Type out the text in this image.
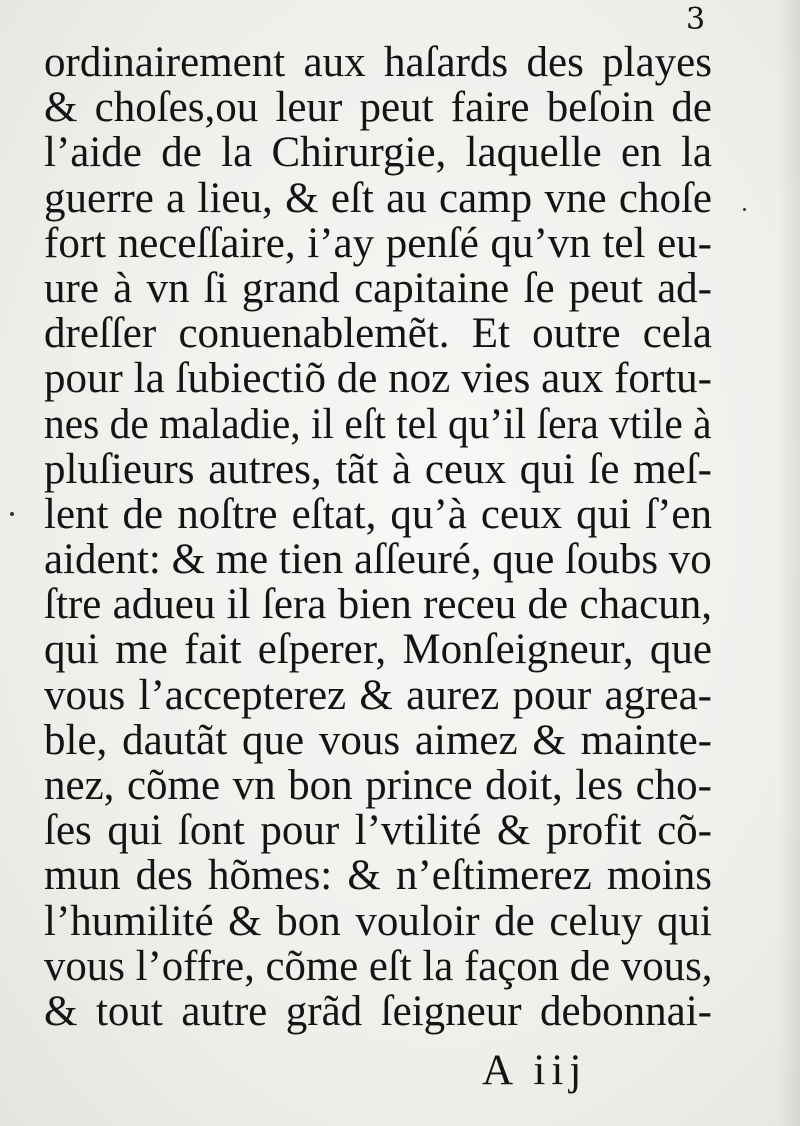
3
ordinairement aux haſards des playes
& choſes,ou leur peut faire beſoin de
l’aide de la Chirurgie, laquelle en la
guerre a lieu, & eſt au camp vne choſe
fort neceſſaire, i’ay penſé qu’vn tel eu-
ure à vn ſi grand capitaine ſe peut ad-
dreſſer conuenablemẽt. Et outre cela
pour la ſubiectiõ de noz vies aux fortu-
nes de maladie, il eſt tel qu’il ſera vtile à
pluſieurs autres, tãt à ceux qui ſe meſ-
lent de noſtre eſtat, qu’à ceux qui ſ’en
aident: & me tien aſſeuré, que ſoubs vo
ſtre adueu il ſera bien receu de chacun,
qui me fait eſperer, Monſeigneur, que
vous l’accepterez & aurez pour agrea-
ble, dautãt que vous aimez & mainte-
nez, cõme vn bon prince doit, les cho-
ſes qui ſont pour l’vtilité & profit cõ-
mun des hõmes: & n’eſtimerez moins
l’humilité & bon vouloir de celuy qui
vous l’offre, cõme eſt la façon de vous,
& tout autre grãd ſeigneur debonnai-
A iij
